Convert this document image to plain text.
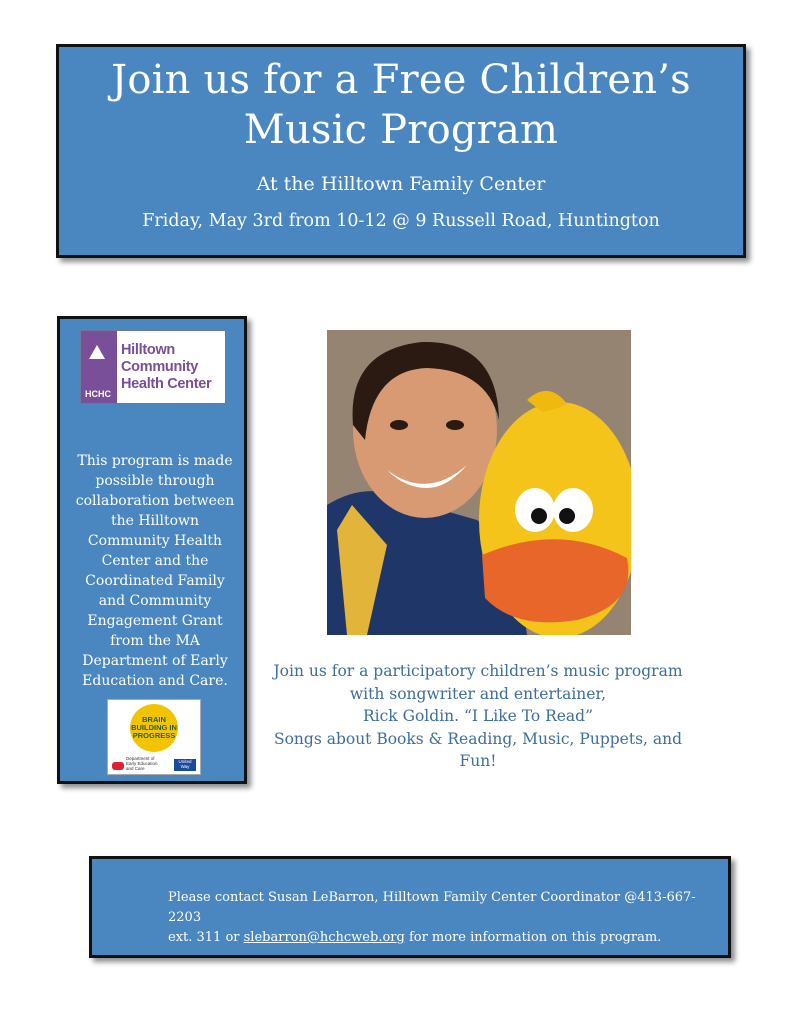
Join us for a Free Children’s
Music Program
At the Hilltown Family Center
Friday, May 3rd from 10-12 @ 9 Russell Road, Huntington
HCHC
Hilltown Community
Health Center
This program is made possible through collaboration between the Hilltown Community Health Center and the Coordinated Family and Community Engagement Grant from the MA Department of Early Education and Care.
BRAIN BUILDING IN PROGRESS
Department of Early Education and Care
United Way
Join us for a participatory children’s music program
with songwriter and entertainer,
Rick Goldin. “I Like To Read”
Songs about Books & Reading, Music, Puppets, and
Fun!
Please contact Susan LeBarron, Hilltown Family Center Coordinator @413-667-2203
ext. 311 or slebarron@hchcweb.org for more information on this program.
